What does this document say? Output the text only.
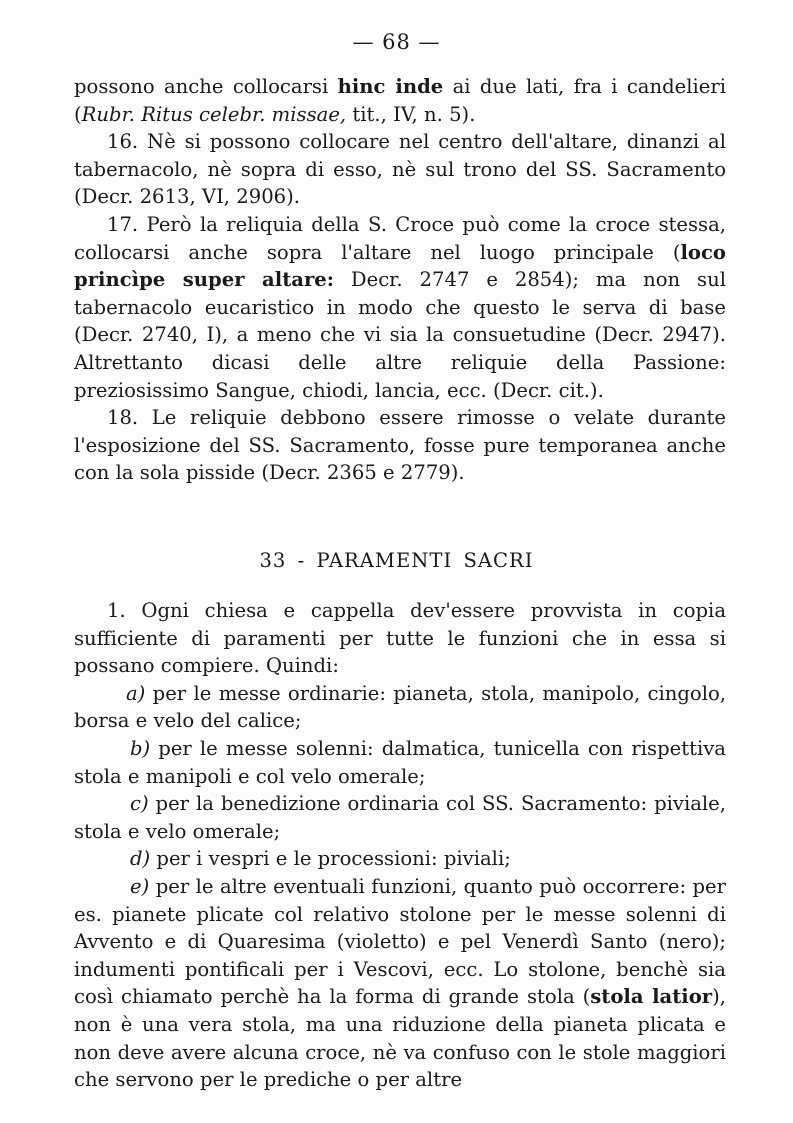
— 68 —

possono anche collocarsi hinc inde ai due lati, fra i candelieri (Rubr. Ritus celebr. missae, tit., IV, n. 5).

16. Nè si possono collocare nel centro dell'altare, dinanzi al tabernacolo, nè sopra di esso, nè sul trono del SS. Sacramento (Decr. 2613, VI, 2906).

17. Però la reliquia della S. Croce può come la croce stessa, collocarsi anche sopra l'altare nel luogo principale (loco princìpe super altare: Decr. 2747 e 2854); ma non sul tabernacolo eucaristico in modo che questo le serva di base (Decr. 2740, I), a meno che vi sia la consuetudine (Decr. 2947). Altrettanto dicasi delle altre reliquie della Passione: preziosissimo Sangue, chiodi, lancia, ecc. (Decr. cit.).

18. Le reliquie debbono essere rimosse o velate durante l'esposizione del SS. Sacramento, fosse pure temporanea anche con la sola pisside (Decr. 2365 e 2779).

33 - PARAMENTI SACRI

1. Ogni chiesa e cappella dev'essere provvista in copia sufficiente di paramenti per tutte le funzioni che in essa si possano compiere. Quindi:

a) per le messe ordinarie: pianeta, stola, manipolo, cingolo, borsa e velo del calice;

b) per le messe solenni: dalmatica, tunicella con rispettiva stola e manipoli e col velo omerale;

c) per la benedizione ordinaria col SS. Sacramento: piviale, stola e velo omerale;

d) per i vespri e le processioni: piviali;

e) per le altre eventuali funzioni, quanto può occorrere: per es. pianete plicate col relativo stolone per le messe solenni di Avvento e di Quaresima (violetto) e pel Venerdì Santo (nero); indumenti pontificali per i Vescovi, ecc. Lo stolone, benchè sia così chiamato perchè ha la forma di grande stola (stola latior), non è una vera stola, ma una riduzione della pianeta plicata e non deve avere alcuna croce, nè va confuso con le stole maggiori che servono per le prediche o per altre
